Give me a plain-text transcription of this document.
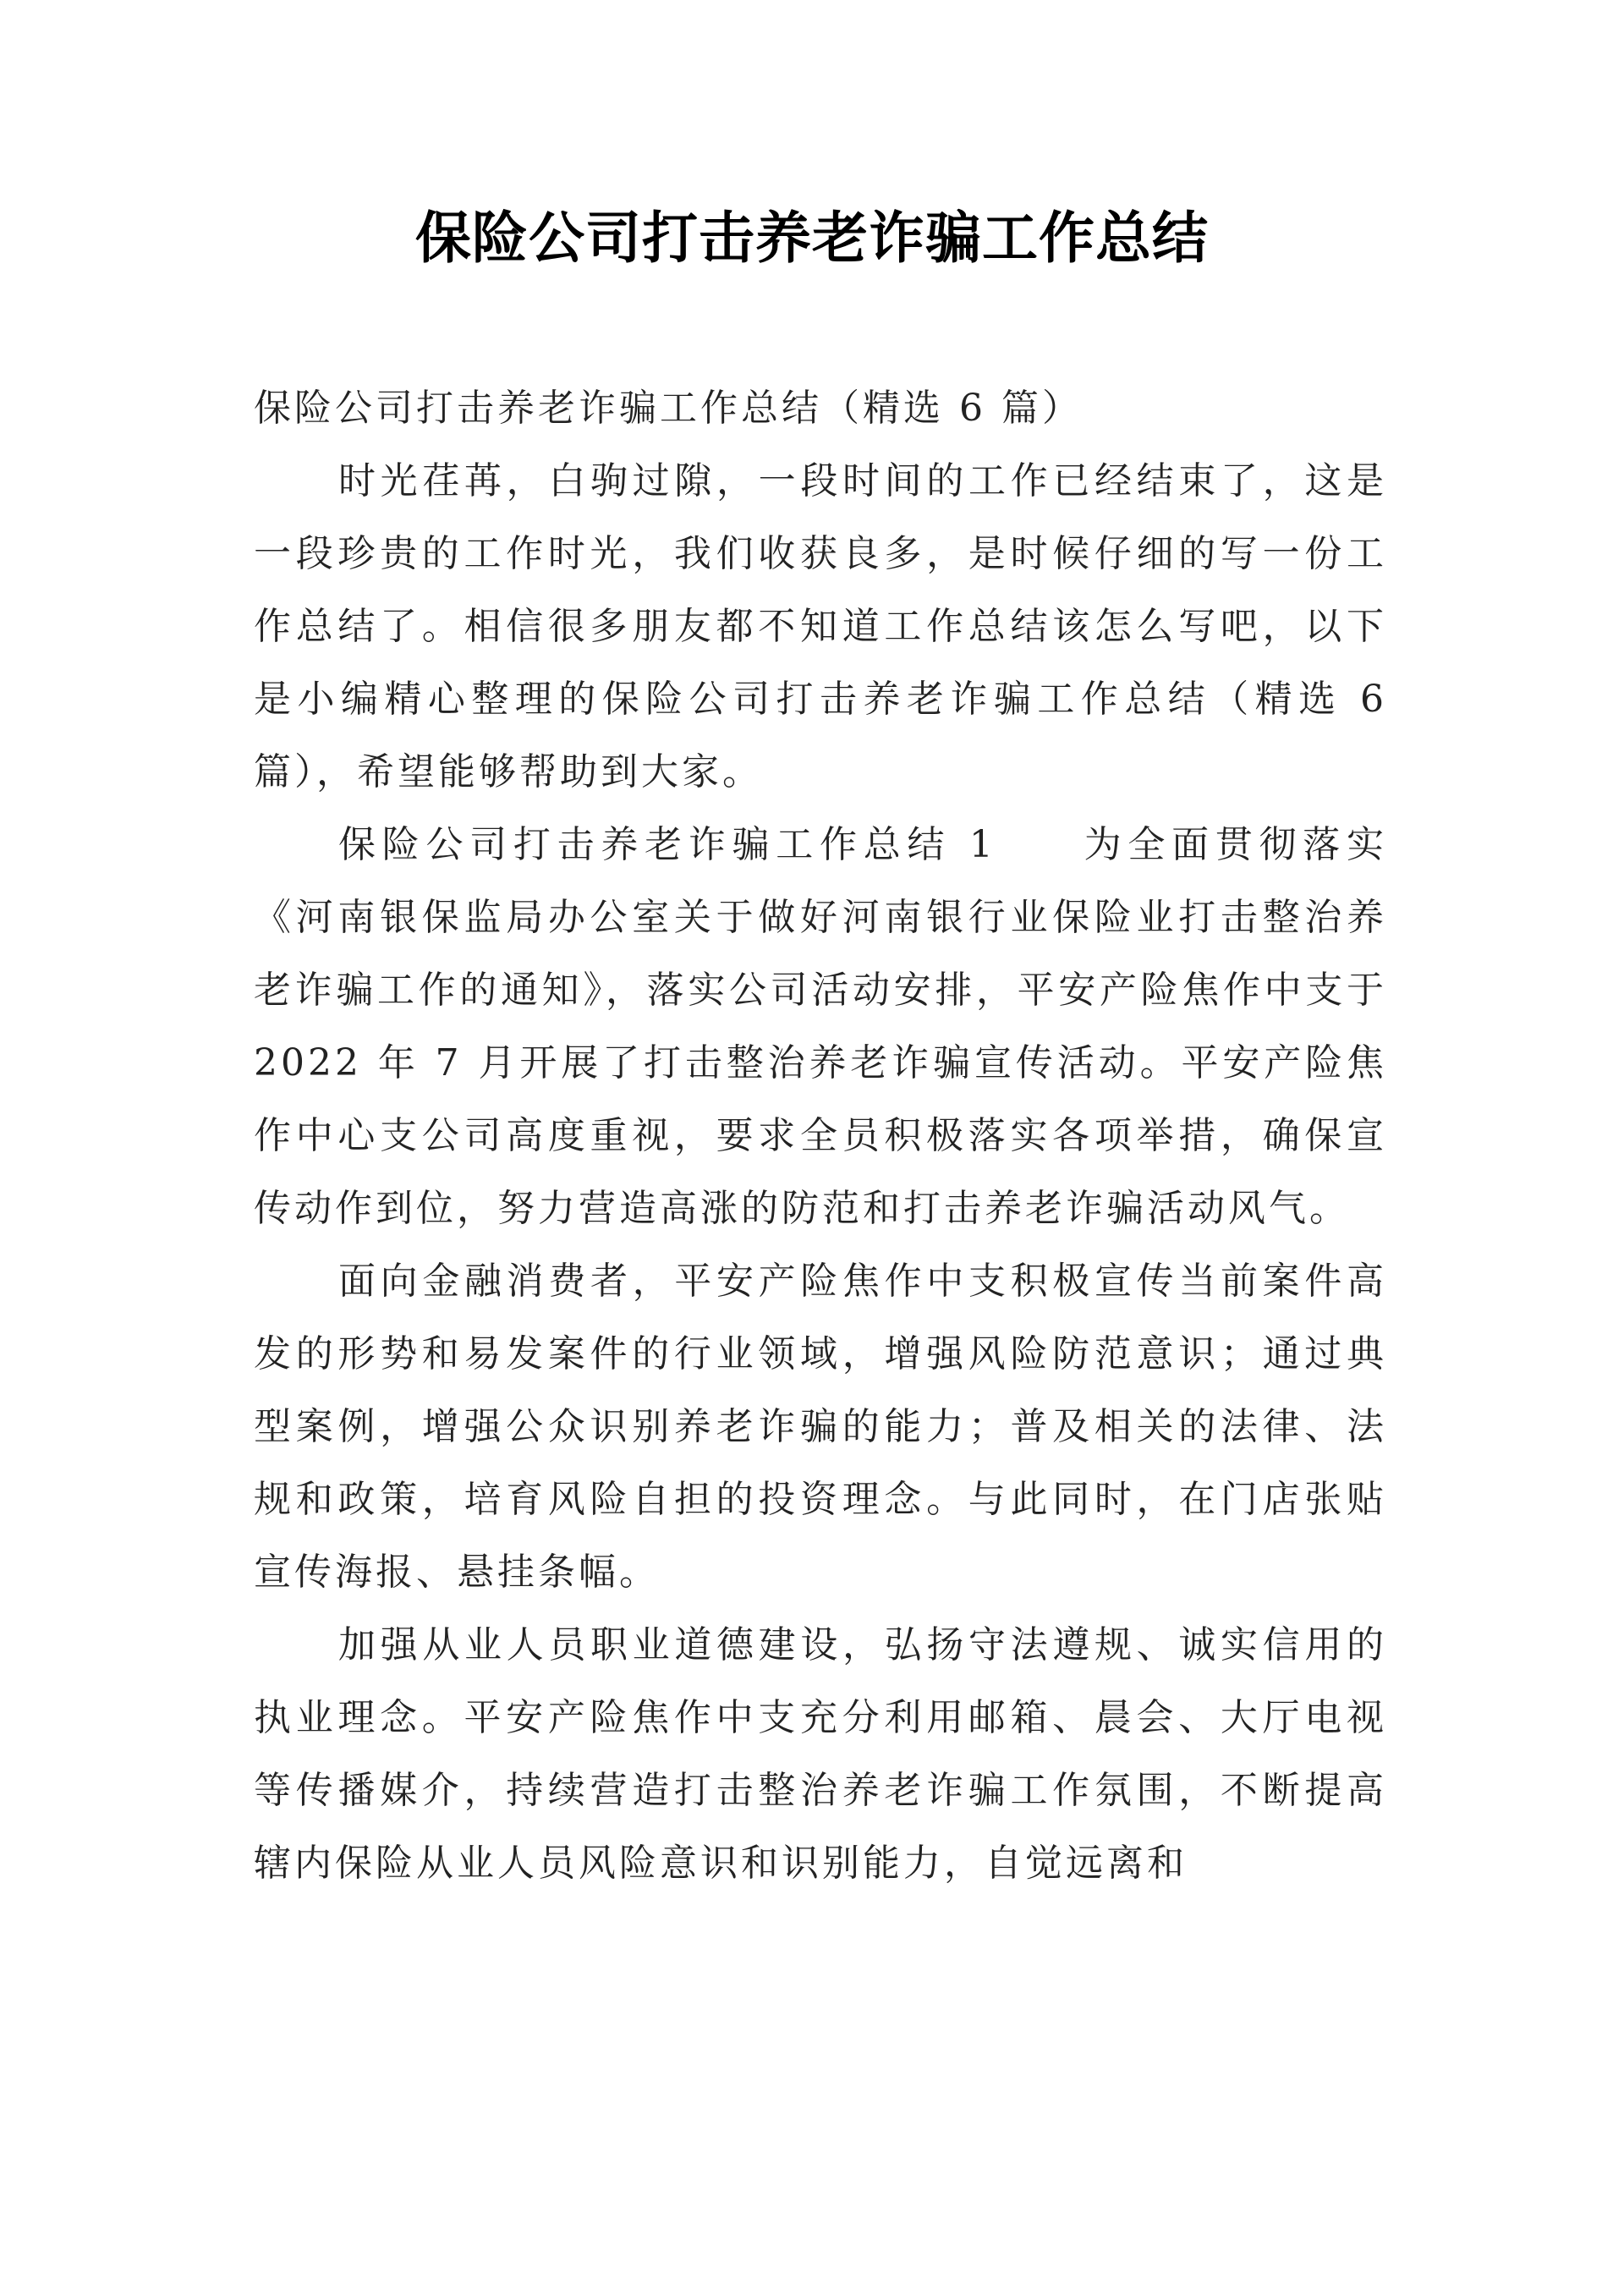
保险公司打击养老诈骗工作总结

保险公司打击养老诈骗工作总结（精选 6 篇）

时光荏苒，白驹过隙，一段时间的工作已经结束了，这是一段珍贵的工作时光，我们收获良多，是时候仔细的写一份工作总结了。相信很多朋友都不知道工作总结该怎么写吧，以下是小编精心整理的保险公司打击养老诈骗工作总结（精选 6 篇），希望能够帮助到大家。

保险公司打击养老诈骗工作总结 1 为全面贯彻落实《河南银保监局办公室关于做好河南银行业保险业打击整治养老诈骗工作的通知》，落实公司活动安排，平安产险焦作中支于 2022 年 7 月开展了打击整治养老诈骗宣传活动。平安产险焦作中心支公司高度重视，要求全员积极落实各项举措，确保宣传动作到位，努力营造高涨的防范和打击养老诈骗活动风气。

面向金融消费者，平安产险焦作中支积极宣传当前案件高发的形势和易发案件的行业领域，增强风险防范意识；通过典型案例，增强公众识别养老诈骗的能力；普及相关的法律、法规和政策，培育风险自担的投资理念。与此同时，在门店张贴宣传海报、悬挂条幅。

加强从业人员职业道德建设，弘扬守法遵规、诚实信用的执业理念。平安产险焦作中支充分利用邮箱、晨会、大厅电视等传播媒介，持续营造打击整治养老诈骗工作氛围，不断提高辖内保险从业人员风险意识和识别能力，自觉远离和
